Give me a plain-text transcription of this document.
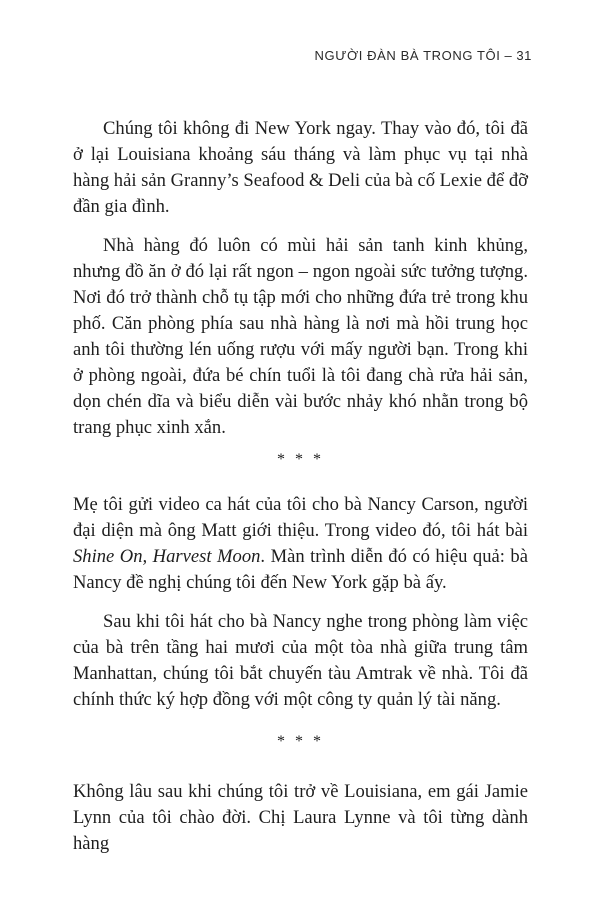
NGƯỜI ĐÀN BÀ TRONG TÔI – 31

Chúng tôi không đi New York ngay. Thay vào đó, tôi đã ở lại Louisiana khoảng sáu tháng và làm phục vụ tại nhà hàng hải sản Granny’s Seafood & Deli của bà cố Lexie để đỡ đần gia đình.

Nhà hàng đó luôn có mùi hải sản tanh kinh khủng, nhưng đồ ăn ở đó lại rất ngon – ngon ngoài sức tưởng tượng. Nơi đó trở thành chỗ tụ tập mới cho những đứa trẻ trong khu phố. Căn phòng phía sau nhà hàng là nơi mà hồi trung học anh tôi thường lén uống rượu với mấy người bạn. Trong khi ở phòng ngoài, đứa bé chín tuổi là tôi đang chà rửa hải sản, dọn chén dĩa và biểu diễn vài bước nhảy khó nhằn trong bộ trang phục xinh xắn.

* * *

Mẹ tôi gửi video ca hát của tôi cho bà Nancy Carson, người đại diện mà ông Matt giới thiệu. Trong video đó, tôi hát bài Shine On, Harvest Moon. Màn trình diễn đó có hiệu quả: bà Nancy đề nghị chúng tôi đến New York gặp bà ấy.

Sau khi tôi hát cho bà Nancy nghe trong phòng làm việc của bà trên tầng hai mươi của một tòa nhà giữa trung tâm Manhattan, chúng tôi bắt chuyến tàu Amtrak về nhà. Tôi đã chính thức ký hợp đồng với một công ty quản lý tài năng.

* * *

Không lâu sau khi chúng tôi trở về Louisiana, em gái Jamie Lynn của tôi chào đời. Chị Laura Lynne và tôi từng dành hàng
